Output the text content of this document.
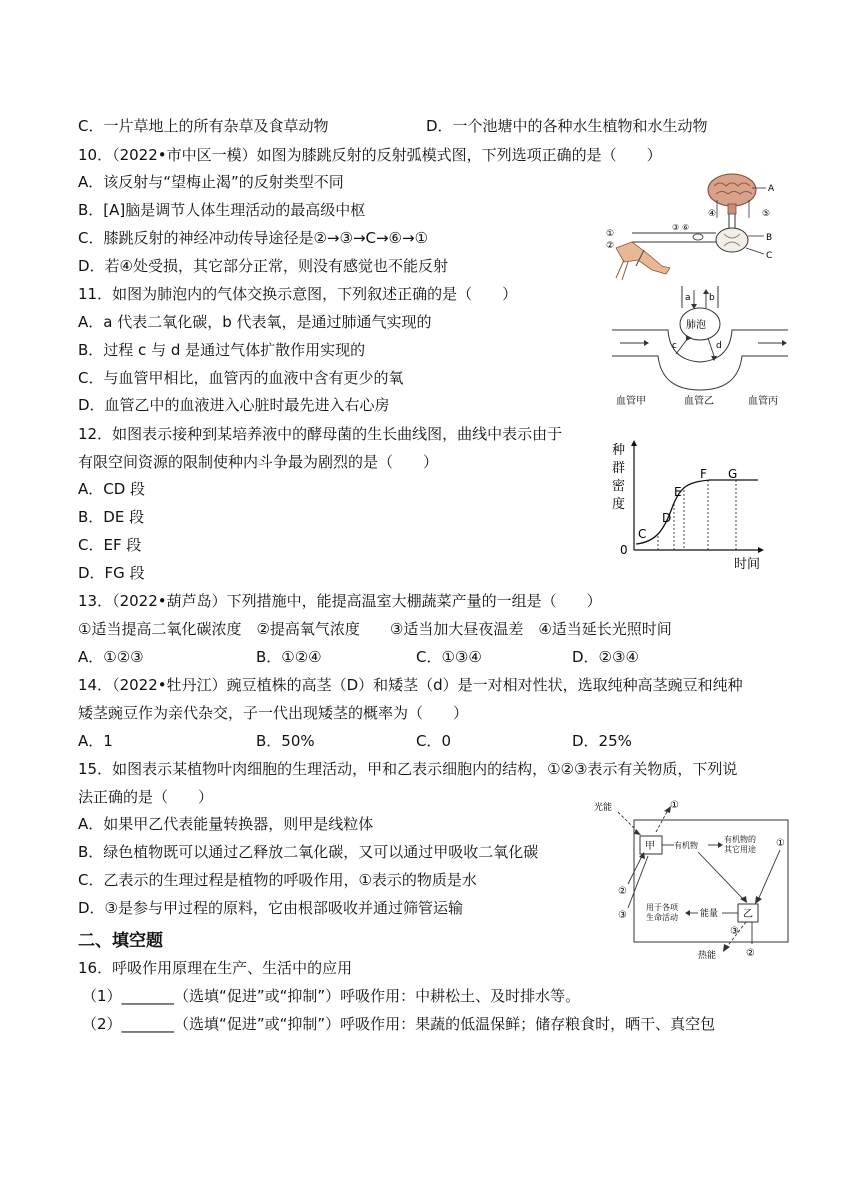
C．一片草地上的所有杂草及食草动物	D．一个池塘中的各种水生植物和水生动物
10．（2022•市中区一模）如图为膝跳反射的反射弧模式图，下列选项正确的是（　　）
A．该反射与“望梅止渴”的反射类型不同
B．[A]脑是调节人体生理活动的最高级中枢
C．膝跳反射的神经冲动传导途径是②→③→C→⑥→①
D．若④处受损，其它部分正常，则没有感觉也不能反射
A
④	⑤
B
C
①
②
③ ⑥
11．如图为肺泡内的气体交换示意图，下列叙述正确的是（　　）
A．a 代表二氧化碳，b 代表氧，是通过肺通气实现的
B．过程 c 与 d 是通过气体扩散作用实现的
C．与血管甲相比，血管丙的血液中含有更少的氧
D．血管乙中的血液进入心脏时最先进入右心房
a b
肺泡
c	d
血管甲	血管乙	血管丙
12．如图表示接种到某培养液中的酵母菌的生长曲线图，曲线中表示由于
有限空间资源的限制使种内斗争最为剧烈的是（　　）
A．CD 段
B．DE 段
C．EF 段
D．FG 段
种
群
密
度
0
时间
C
D
E
F G
13．（2022•葫芦岛）下列措施中，能提高温室大棚蔬菜产量的一组是（　　）
①适当提高二氧化碳浓度　②提高氧气浓度　　③适当加大昼夜温差　④适当延长光照时间
A．①②③	B．①②④	C．①③④	D．②③④
14．（2022•牡丹江）豌豆植株的高茎（D）和矮茎（d）是一对相对性状，选取纯种高茎豌豆和纯种
矮茎豌豆作为亲代杂交，子一代出现矮茎的概率为（　　）
A．1	B．50%	C．0	D．25%
15．如图表示某植物叶肉细胞的生理活动，甲和乙表示细胞内的结构，①②③表示有关物质，下列说
法正确的是（　　）
A．如果甲乙代表能量转换器，则甲是线粒体
B．绿色植物既可以通过乙释放二氧化碳，又可以通过甲吸收二氧化碳
C．乙表示的生理过程是植物的呼吸作用，①表示的物质是水
D．③是参与甲过程的原料，它由根部吸收并通过筛管运输
光能	①
甲 有机物
有机物的
其它用途
①
乙
能量
用于各项
生命活动
热能	②
③
②
③
二、填空题
16．呼吸作用原理在生产、生活中的应用
（1）_______（选填“促进”或“抑制”）呼吸作用：中耕松土、及时排水等。
（2）_______（选填“促进”或“抑制”）呼吸作用：果蔬的低温保鲜；储存粮食时，晒干、真空包
